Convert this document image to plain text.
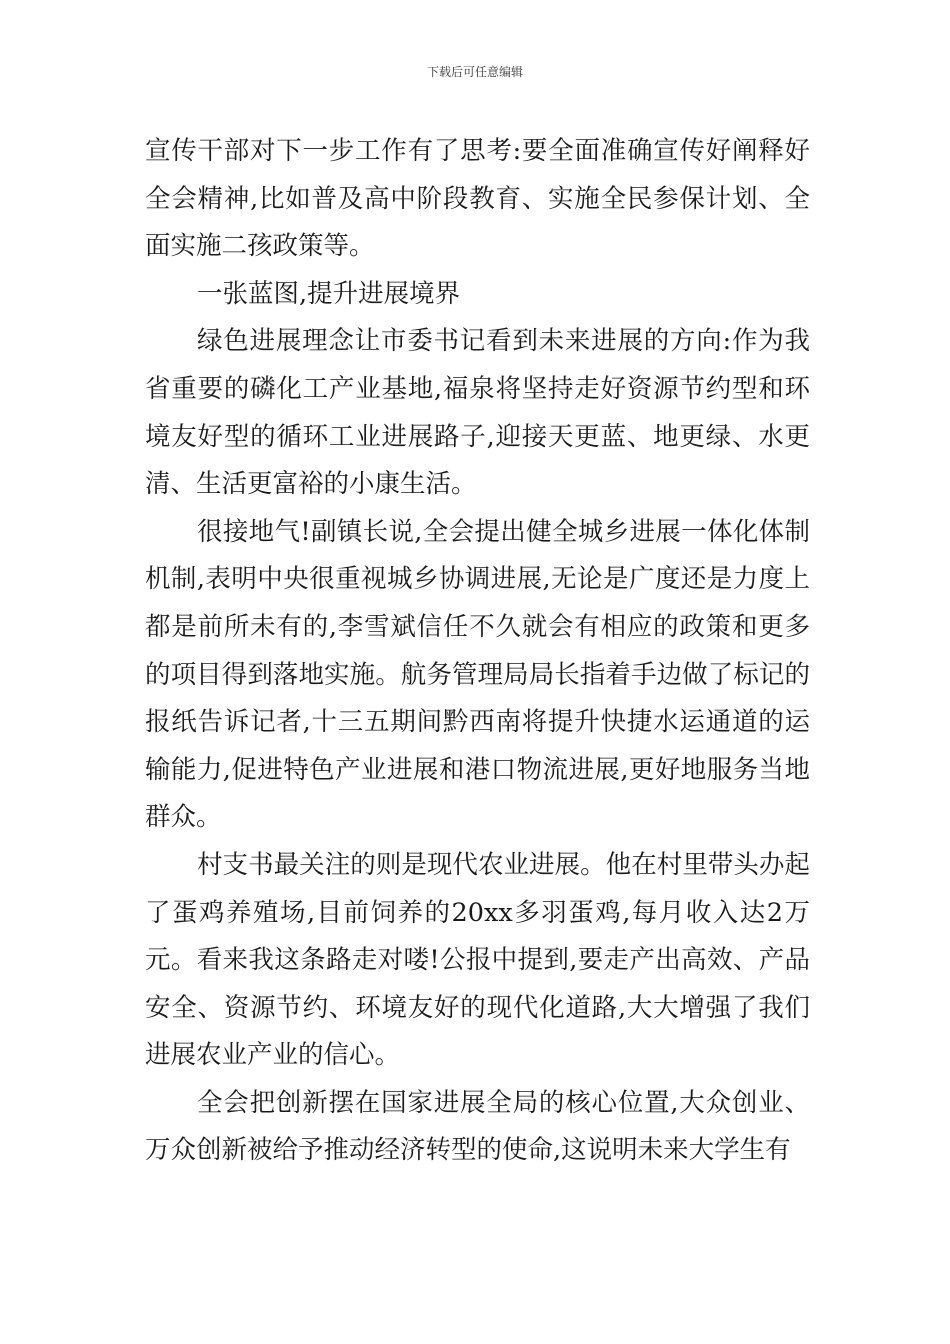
下载后可任意编辑

宣传干部对下一步工作有了思考:要全面准确宣传好阐释好全会精神,比如普及高中阶段教育、实施全民参保计划、全面实施二孩政策等。

一张蓝图,提升进展境界

绿色进展理念让市委书记看到未来进展的方向:作为我省重要的磷化工产业基地,福泉将坚持走好资源节约型和环境友好型的循环工业进展路子,迎接天更蓝、地更绿、水更清、生活更富裕的小康生活。

很接地气!副镇长说,全会提出健全城乡进展一体化体制机制,表明中央很重视城乡协调进展,无论是广度还是力度上都是前所未有的,李雪斌信任不久就会有相应的政策和更多的项目得到落地实施。航务管理局局长指着手边做了标记的报纸告诉记者,十三五期间黔西南将提升快捷水运通道的运输能力,促进特色产业进展和港口物流进展,更好地服务当地群众。

村支书最关注的则是现代农业进展。他在村里带头办起了蛋鸡养殖场,目前饲养的20xx多羽蛋鸡,每月收入达2万元。看来我这条路走对喽!公报中提到,要走产出高效、产品安全、资源节约、环境友好的现代化道路,大大增强了我们进展农业产业的信心。

全会把创新摆在国家进展全局的核心位置,大众创业、万众创新被给予推动经济转型的使命,这说明未来大学生有
